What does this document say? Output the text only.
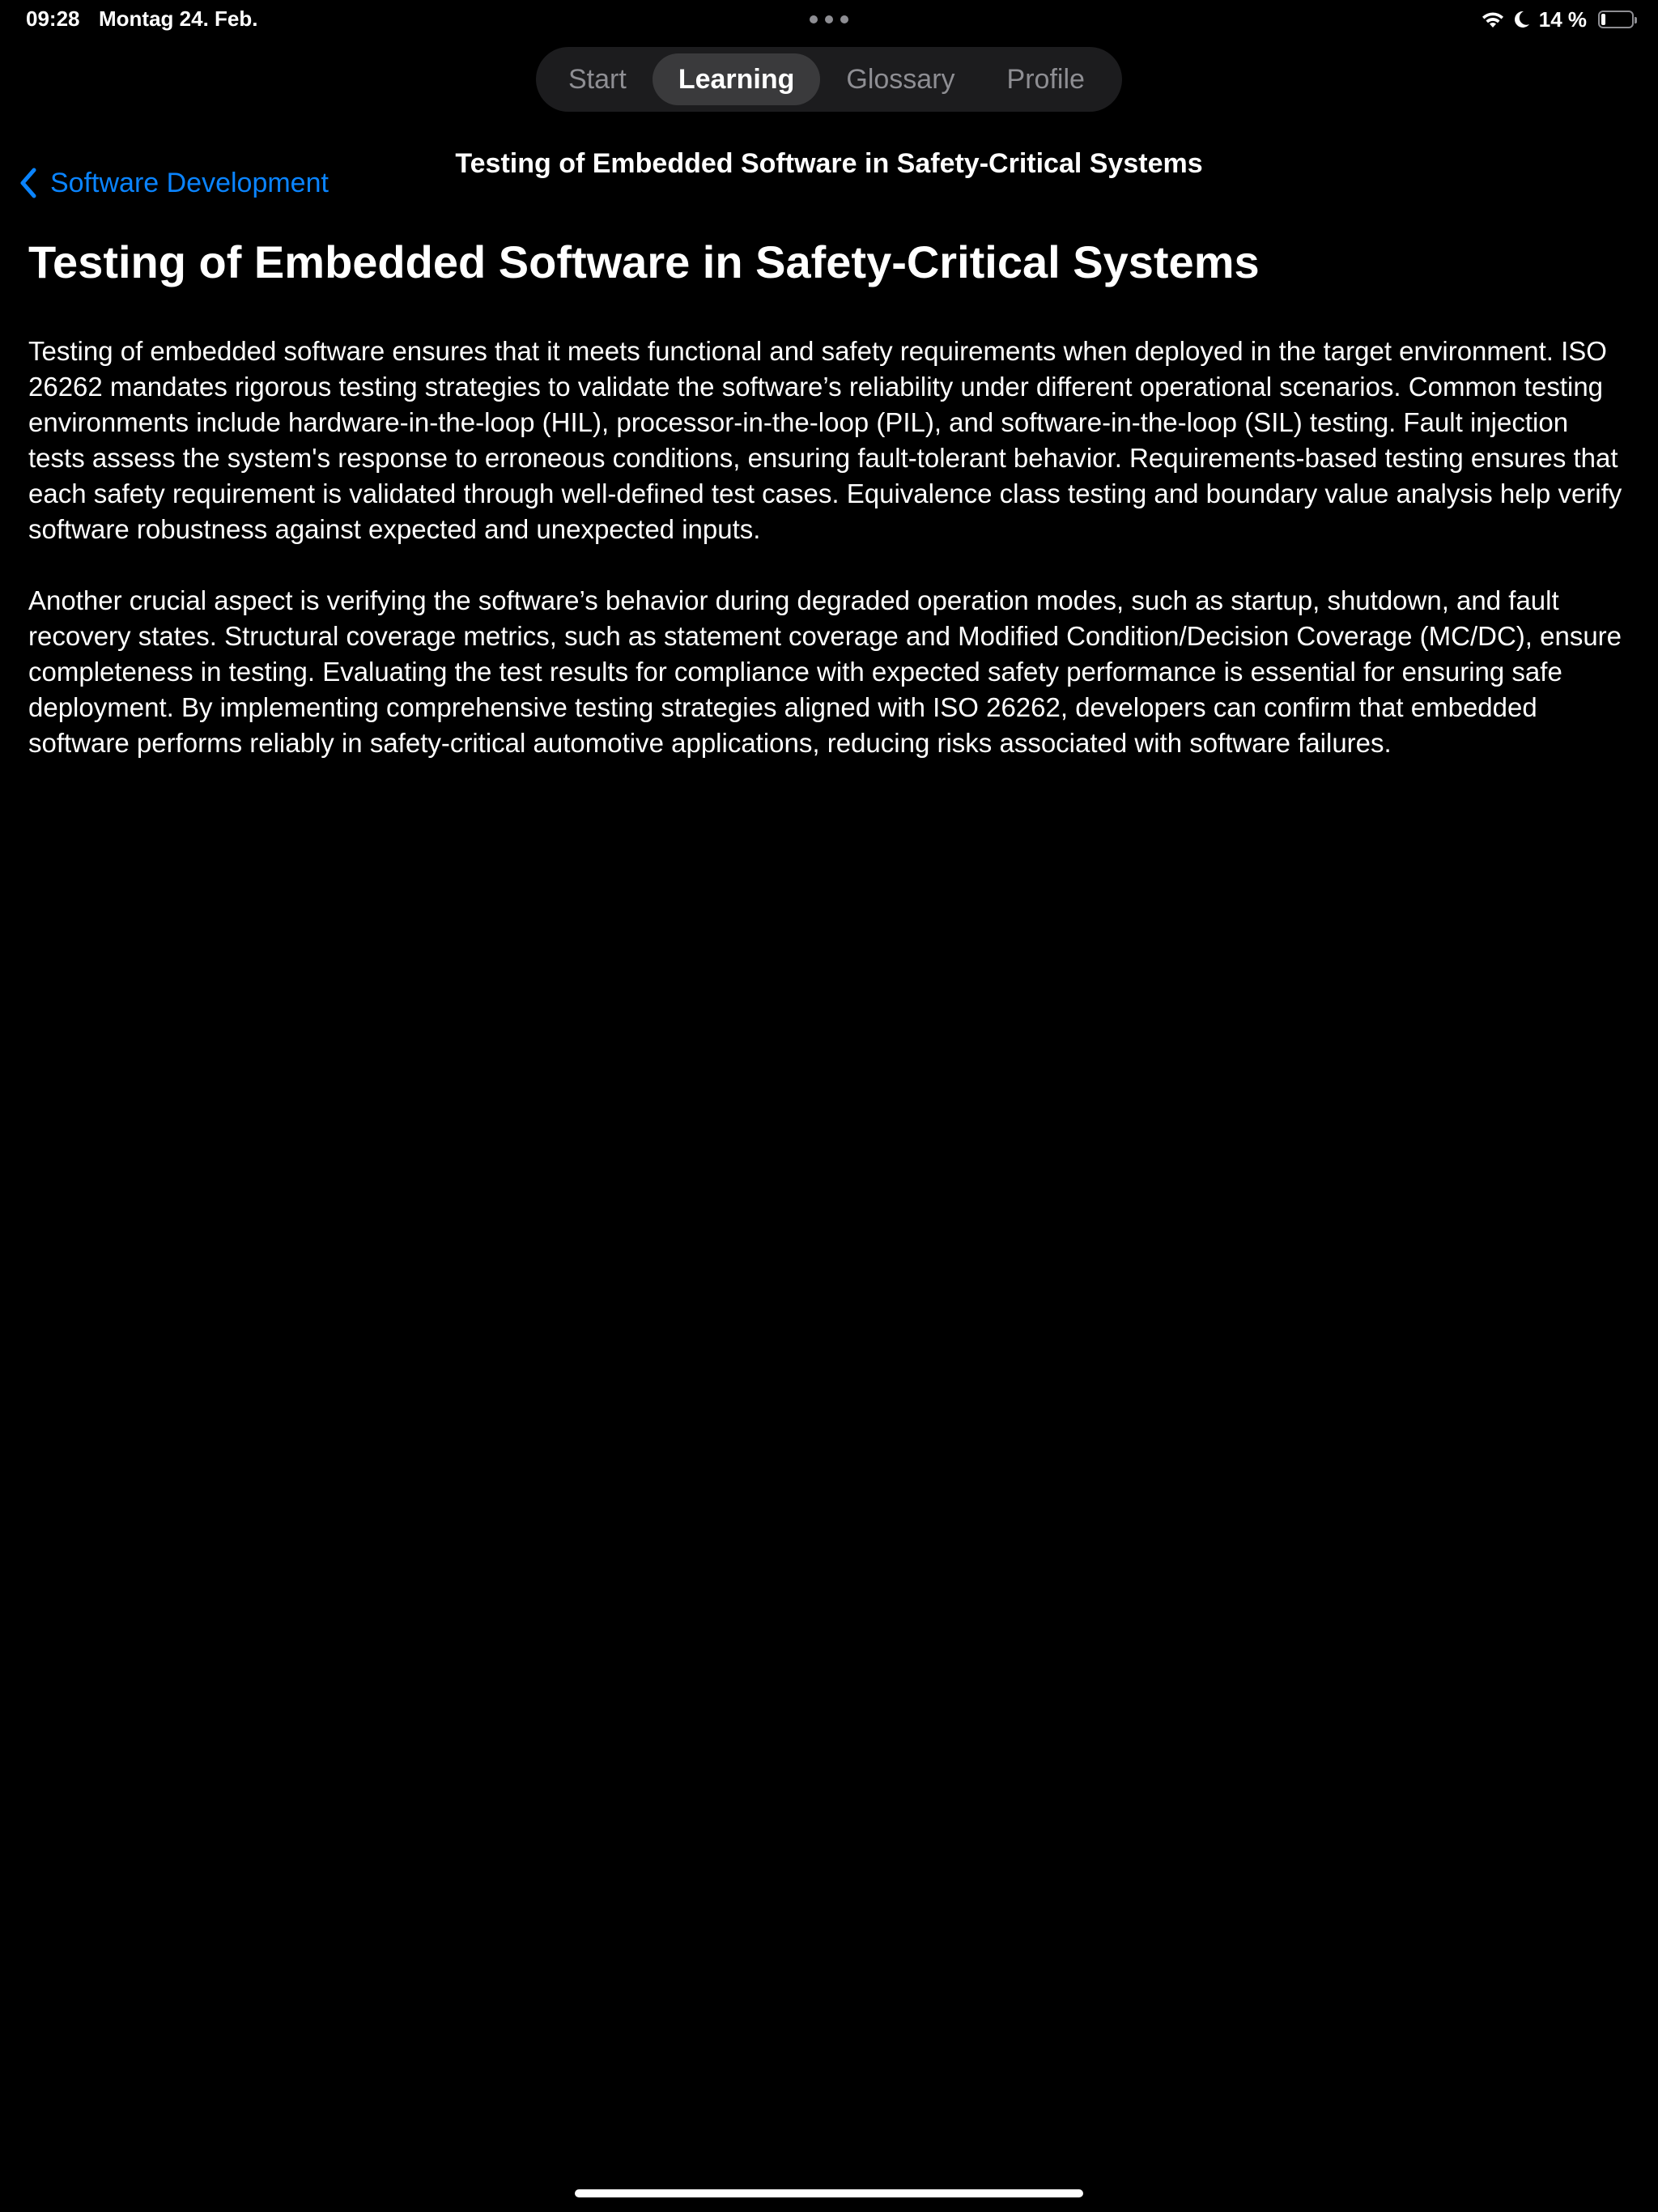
09:28 Montag 24. Feb.	14 %
Start	Learning	Glossary	Profile
Software Development
Testing of Embedded Software in Safety-Critical Systems
Testing of Embedded Software in Safety-Critical Systems

Testing of embedded software ensures that it meets functional and safety requirements when deployed in the target environment. ISO 26262 mandates rigorous testing strategies to validate the software’s reliability under different operational scenarios. Common testing environments include hardware-in-the-loop (HIL), processor-in-the-loop (PIL), and software-in-the-loop (SIL) testing. Fault injection tests assess the system's response to erroneous conditions, ensuring fault-tolerant behavior. Requirements-based testing ensures that each safety requirement is validated through well-defined test cases. Equivalence class testing and boundary value analysis help verify software robustness against expected and unexpected inputs.

Another crucial aspect is verifying the software’s behavior during degraded operation modes, such as startup, shutdown, and fault recovery states. Structural coverage metrics, such as statement coverage and Modified Condition/Decision Coverage (MC/DC), ensure completeness in testing. Evaluating the test results for compliance with expected safety performance is essential for ensuring safe deployment. By implementing comprehensive testing strategies aligned with ISO 26262, developers can confirm that embedded software performs reliably in safety-critical automotive applications, reducing risks associated with software failures.
